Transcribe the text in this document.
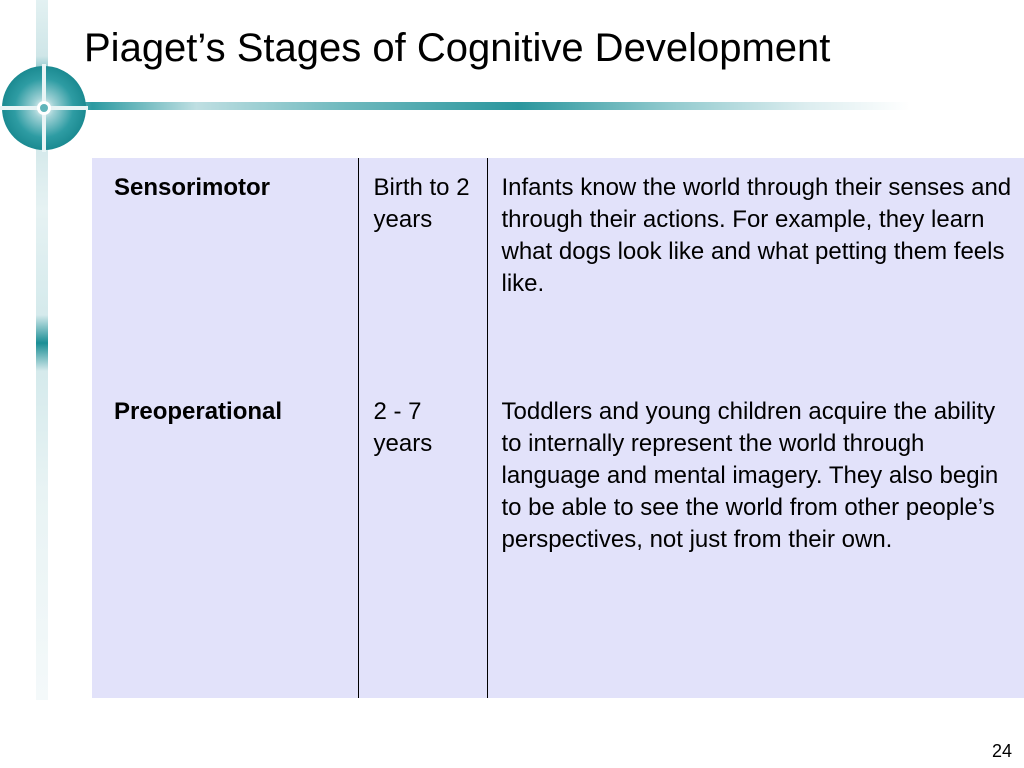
Piaget’s Stages of Cognitive Development
Sensorimotor	Birth to 2 years	Infants know the world through their senses and through their actions. For example, they learn what dogs look like and what petting them feels like.
Preoperational	2 - 7 years	Toddlers and young children acquire the ability to internally represent the world through language and mental imagery. They also begin to be able to see the world from other people’s perspectives, not just from their own.
24
